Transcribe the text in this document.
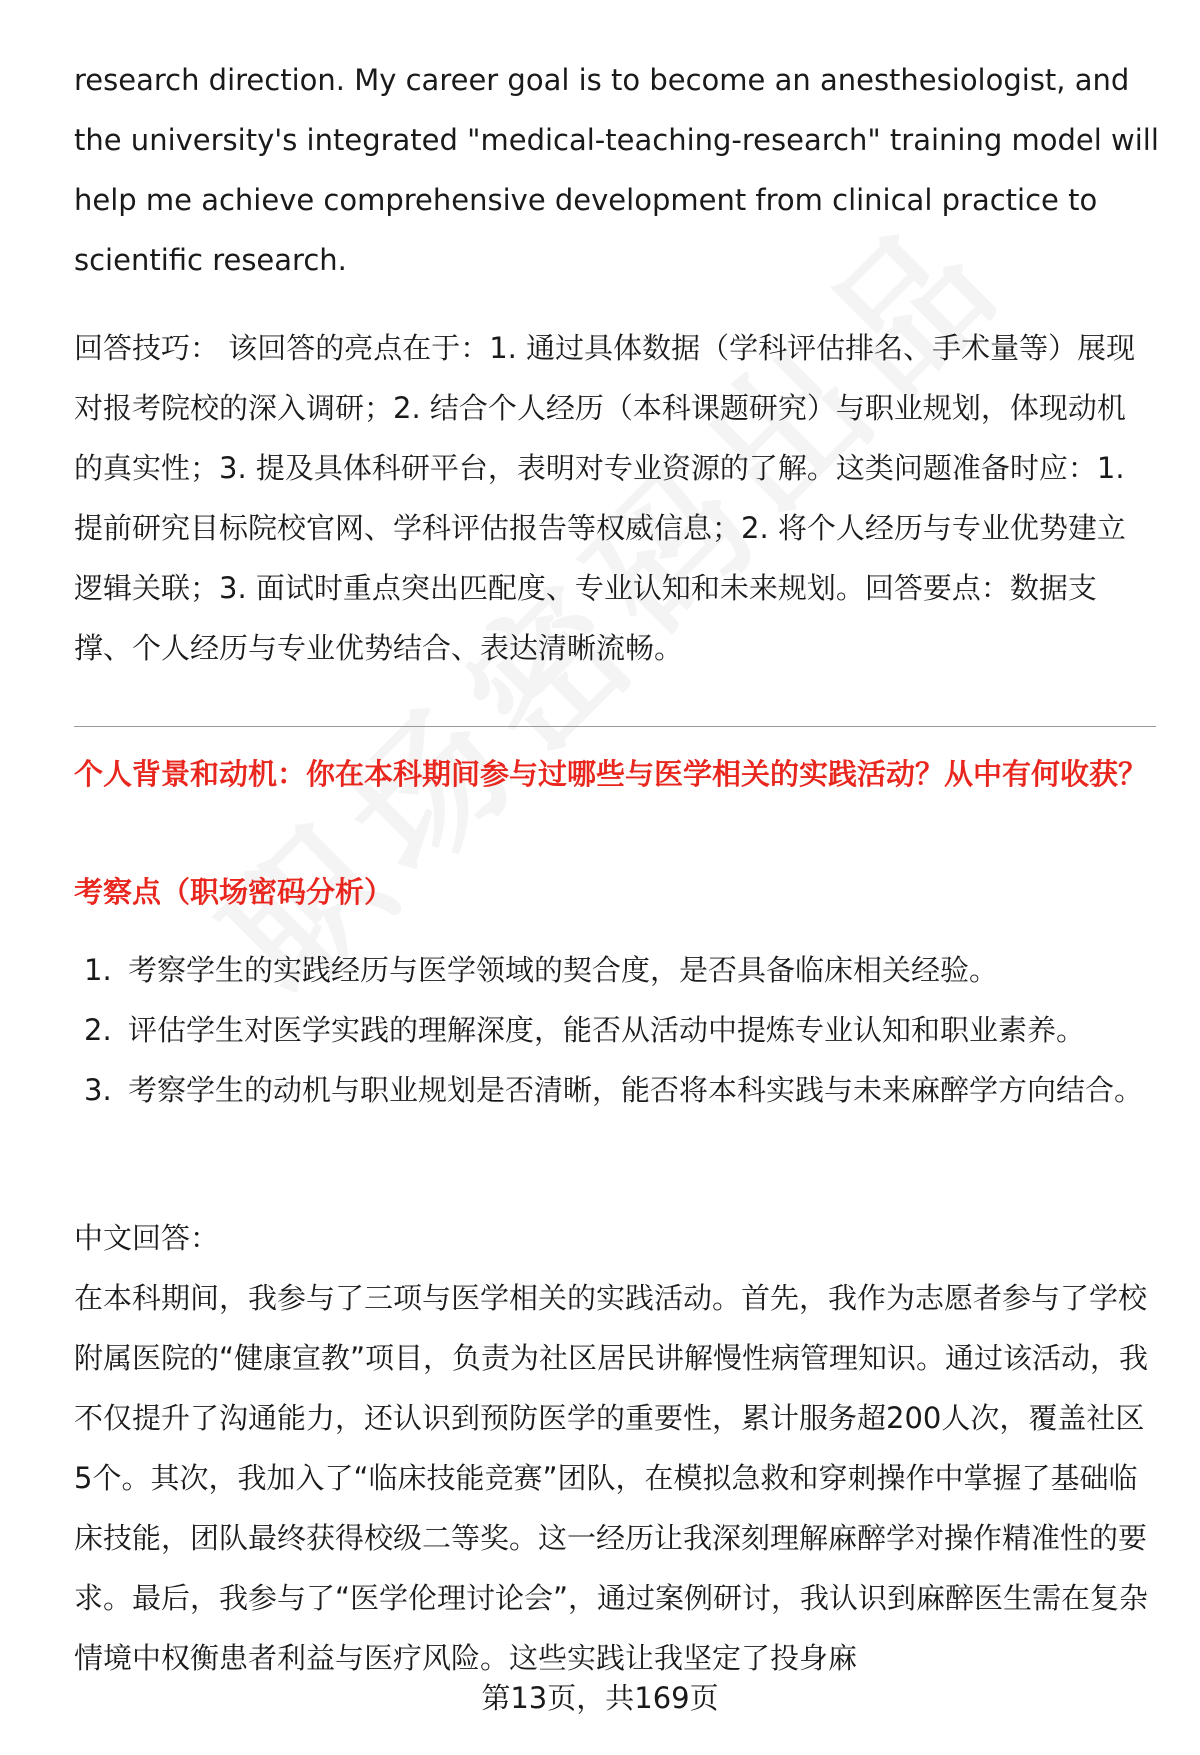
research direction. My career goal is to become an anesthesiologist, and the university's integrated "medical-teaching-research" training model will help me achieve comprehensive development from clinical practice to scientific research.

回答技巧： 该回答的亮点在于：1. 通过具体数据（学科评估排名、手术量等）展现对报考院校的深入调研；2. 结合个人经历（本科课题研究）与职业规划，体现动机的真实性；3. 提及具体科研平台，表明对专业资源的了解。这类问题准备时应：1. 提前研究目标院校官网、学科评估报告等权威信息；2. 将个人经历与专业优势建立逻辑关联；3. 面试时重点突出匹配度、专业认知和未来规划。回答要点：数据支撑、个人经历与专业优势结合、表达清晰流畅。

个人背景和动机：你在本科期间参与过哪些与医学相关的实践活动？从中有何收获？

考察点（职场密码分析）

1. 考察学生的实践经历与医学领域的契合度，是否具备临床相关经验。
2. 评估学生对医学实践的理解深度，能否从活动中提炼专业认知和职业素养。
3. 考察学生的动机与职业规划是否清晰，能否将本科实践与未来麻醉学方向结合。

中文回答：

在本科期间，我参与了三项与医学相关的实践活动。首先，我作为志愿者参与了学校附属医院的“健康宣教”项目，负责为社区居民讲解慢性病管理知识。通过该活动，我不仅提升了沟通能力，还认识到预防医学的重要性，累计服务超200人次，覆盖社区5个。其次，我加入了“临床技能竞赛”团队，在模拟急救和穿刺操作中掌握了基础临床技能，团队最终获得校级二等奖。这一经历让我深刻理解麻醉学对操作精准性的要求。最后，我参与了“医学伦理讨论会”，通过案例研讨，我认识到麻醉医生需在复杂情境中权衡患者利益与医疗风险。这些实践让我坚定了投身麻

第13页，共169页
